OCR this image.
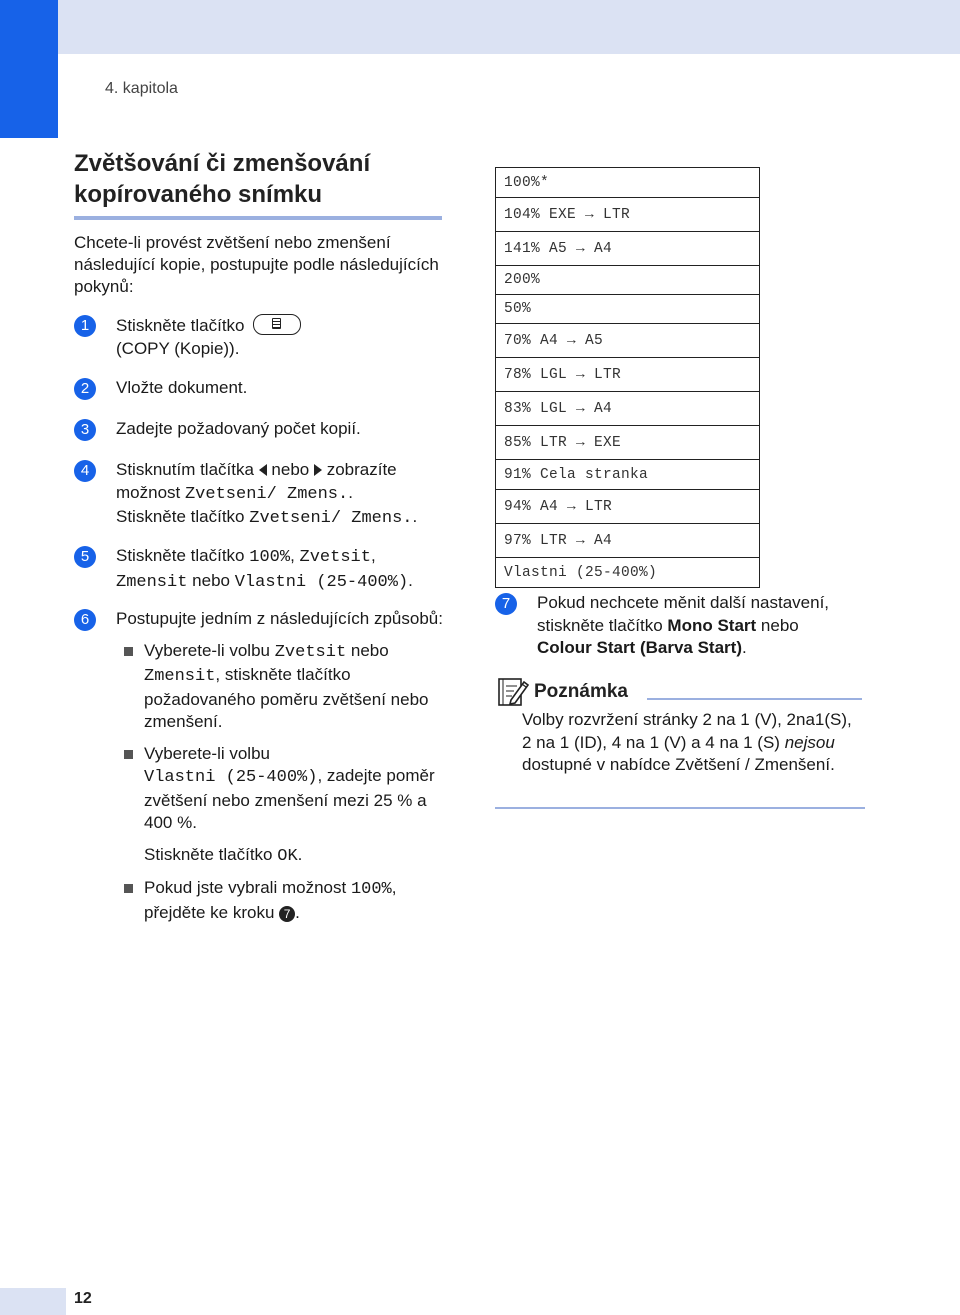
4. kapitola
Zvětšování či zmenšování kopírovaného snímku

Chcete-li provést zvětšení nebo zmenšení následující kopie, postupujte podle následujících pokynů:

1	Stiskněte tlačítko
(COPY (Kopie)).

2	Vložte dokument.

3	Zadejte požadovaný počet kopií.

4	Stisknutím tlačítka nebo zobrazíte možnost Zvetseni/ Zmens..
Stiskněte tlačítko Zvetseni/ Zmens..

5	Stiskněte tlačítko 100%, Zvetsit,
Zmensit nebo Vlastni (25-400%).

6	Postupujte jedním z následujících způsobů:

Vyberete-li volbu Zvetsit nebo
Zmensit, stiskněte tlačítko požadovaného poměru zvětšení nebo zmenšení.
Vyberete-li volbu
Vlastni (25-400%), zadejte poměr zvětšení nebo zmenšení mezi 25 % a 400 %.
Stiskněte tlačítko OK.
Pokud jste vybrali možnost 100%,
přejděte ke kroku 7 .
100%*
104% EXE → LTR
141% A5 → A4
200%
50%
70% A4 → A5
78% LGL → LTR
83% LGL → A4
85% LTR → EXE
91% Cela stranka
94% A4 → LTR
97% LTR → A4
Vlastni (25-400%)

7	Pokud nechcete měnit další nastavení, stiskněte tlačítko Mono Start nebo
Colour Start (Barva Start).

Poznámka
Volby rozvržení stránky 2 na 1 (V), 2na1(S), 2 na 1 (ID), 4 na 1 (V) a 4 na 1 (S) nejsou dostupné v nabídce Zvětšení / Zmenšení.
12
